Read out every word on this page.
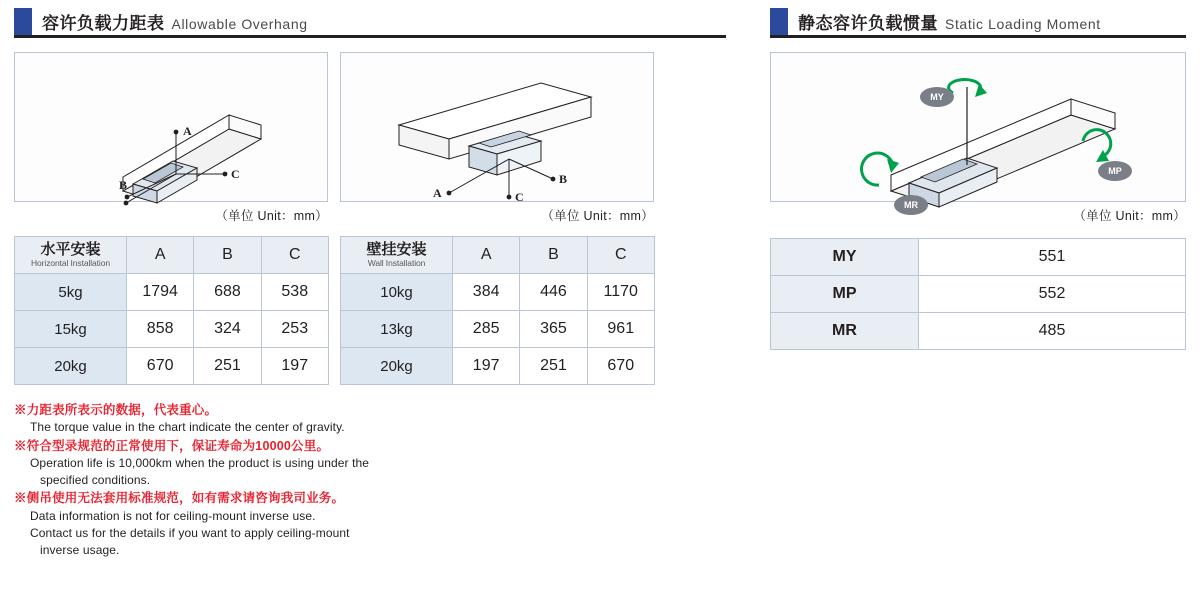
容许负载力距表 Allowable Overhang
A
C
B
（单位 Unit：mm）
B
A	C
（单位 Unit：mm）
水平安装
Horizontal Installation	A	B	C
5kg	1794	688	538
15kg	858	324	253
20kg	670	251	197
壁挂安装
Wall Installation	A	B	C
10kg	384	446	1170
13kg	285	365	961
20kg	197	251	670
※力距表所表示的数据，代表重心。
The torque value in the chart indicate the center of gravity.
※符合型录规范的正常使用下，保证寿命为10000公里。
Operation life is 10,000km when the product is using under the
specified conditions.
※侧吊使用无法套用标准规范，如有需求请咨询我司业务。
Data information is not for ceiling-mount inverse use.
Contact us for the details if you want to apply ceiling-mount
inverse usage.
静态容许负载惯量 Static Loading Moment
MY
MP
MR
（单位 Unit：mm）
MY	551
MP	552
MR	485
